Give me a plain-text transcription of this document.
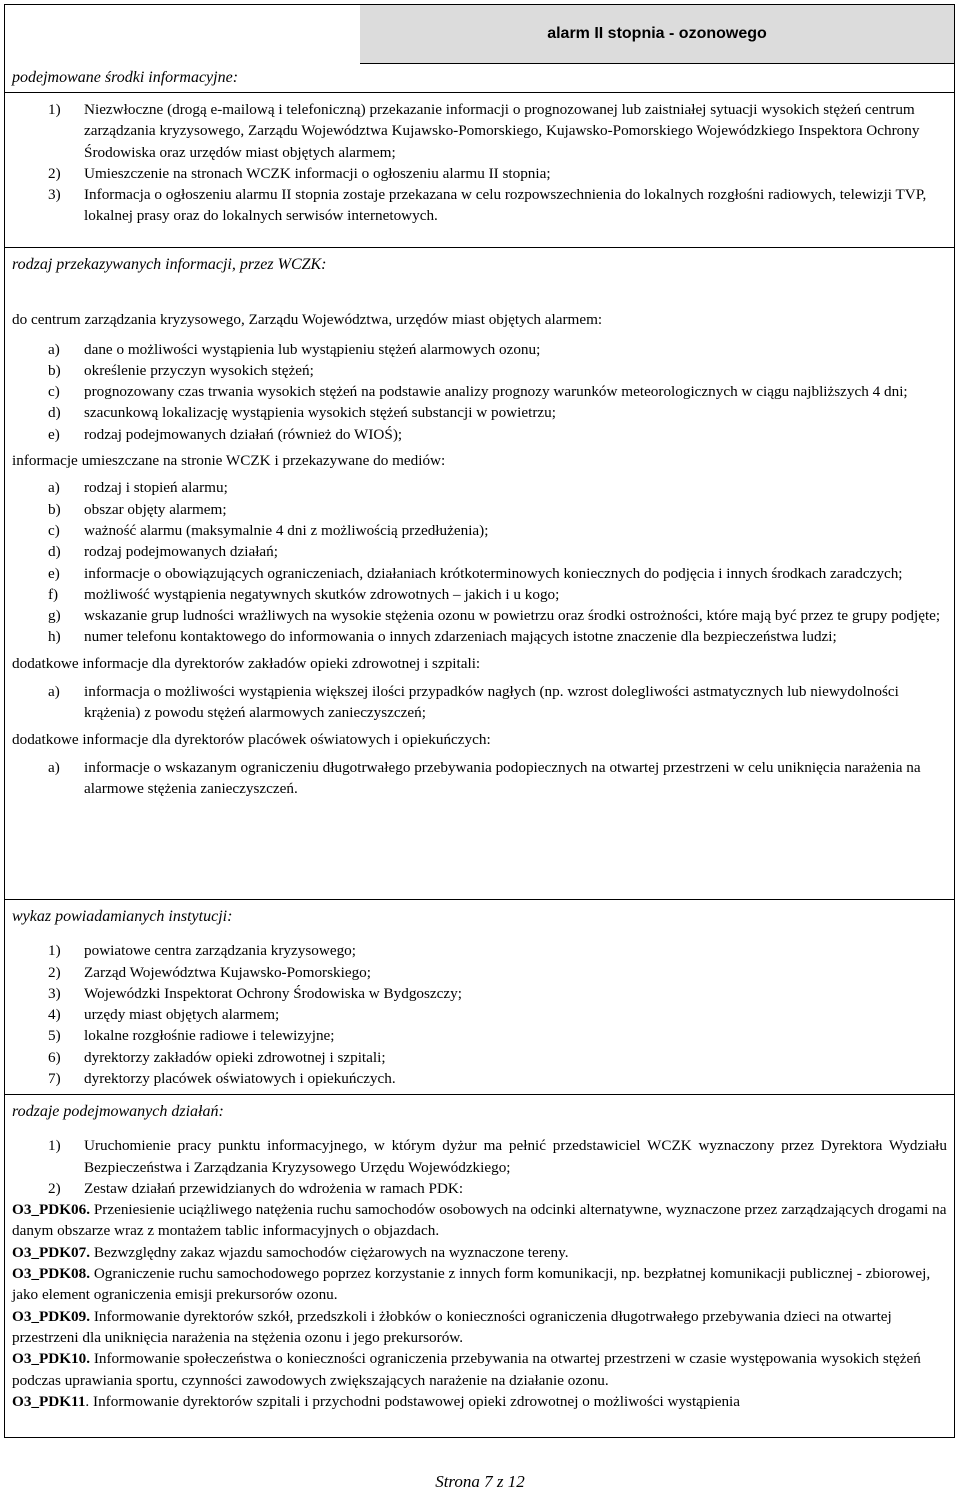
alarm II stopnia - ozonowego
podejmowane środki informacyjne:
1) Niezwłoczne (drogą e-mailową i telefoniczną) przekazanie informacji o prognozowanej lub zaistniałej sytuacji wysokich stężeń centrum zarządzania kryzysowego, Zarządu Województwa Kujawsko-Pomorskiego, Kujawsko-Pomorskiego Wojewódzkiego Inspektora Ochrony Środowiska oraz urzędów miast objętych alarmem;
2) Umieszczenie na stronach WCZK informacji o ogłoszeniu alarmu II stopnia;
3) Informacja o ogłoszeniu alarmu II stopnia zostaje przekazana w celu rozpowszechnienia do lokalnych rozgłośni radiowych, telewizji TVP, lokalnej prasy oraz do lokalnych serwisów internetowych.
rodzaj przekazywanych informacji, przez WCZK:

do centrum zarządzania kryzysowego, Zarządu Województwa, urzędów miast objętych alarmem:

a) dane o możliwości wystąpienia lub wystąpieniu stężeń alarmowych ozonu;
b) określenie przyczyn wysokich stężeń;
c) prognozowany czas trwania wysokich stężeń na podstawie analizy prognozy warunków meteorologicznych w ciągu najbliższych 4 dni;
d) szacunkową lokalizację wystąpienia wysokich stężeń substancji w powietrzu;
e) rodzaj podejmowanych działań (również do WIOŚ);

informacje umieszczane na stronie WCZK i przekazywane do mediów:

a) rodzaj i stopień alarmu;
b) obszar objęty alarmem;
c) ważność alarmu (maksymalnie 4 dni z możliwością przedłużenia);
d) rodzaj podejmowanych działań;
e) informacje o obowiązujących ograniczeniach, działaniach krótkoterminowych koniecznych do podjęcia i innych środkach zaradczych;
f) możliwość wystąpienia negatywnych skutków zdrowotnych – jakich i u kogo;
g) wskazanie grup ludności wrażliwych na wysokie stężenia ozonu w powietrzu oraz środki ostrożności, które mają być przez te grupy podjęte;
h) numer telefonu kontaktowego do informowania o innych zdarzeniach mających istotne znaczenie dla bezpieczeństwa ludzi;

dodatkowe informacje dla dyrektorów zakładów opieki zdrowotnej i szpitali:

a) informacja o możliwości wystąpienia większej ilości przypadków nagłych (np. wzrost dolegliwości astmatycznych lub niewydolności krążenia) z powodu stężeń alarmowych zanieczyszczeń;

dodatkowe informacje dla dyrektorów placówek oświatowych i opiekuńczych:

a) informacje o wskazanym ograniczeniu długotrwałego przebywania podopiecznych na otwartej przestrzeni w celu uniknięcia narażenia na alarmowe stężenia zanieczyszczeń.
wykaz powiadamianych instytucji:
1) powiatowe centra zarządzania kryzysowego;
2) Zarząd Województwa Kujawsko-Pomorskiego;
3) Wojewódzki Inspektorat Ochrony Środowiska w Bydgoszczy;
4) urzędy miast objętych alarmem;
5) lokalne rozgłośnie radiowe i telewizyjne;
6) dyrektorzy zakładów opieki zdrowotnej i szpitali;
7) dyrektorzy placówek oświatowych i opiekuńczych.
rodzaje podejmowanych działań:
1) Uruchomienie pracy punktu informacyjnego, w którym dyżur ma pełnić przedstawiciel WCZK wyznaczony przez Dyrektora Wydziału Bezpieczeństwa i Zarządzania Kryzysowego Urzędu Wojewódzkiego;
2) Zestaw działań przewidzianych do wdrożenia w ramach PDK:

O3_PDK06. Przeniesienie uciążliwego natężenia ruchu samochodów osobowych na odcinki alternatywne, wyznaczone przez zarządzających drogami na danym obszarze wraz z montażem tablic informacyjnych o objazdach.

O3_PDK07. Bezwzględny zakaz wjazdu samochodów ciężarowych na wyznaczone tereny.

O3_PDK08. Ograniczenie ruchu samochodowego poprzez korzystanie z innych form komunikacji, np. bezpłatnej komunikacji publicznej - zbiorowej, jako element ograniczenia emisji prekursorów ozonu.

O3_PDK09. Informowanie dyrektorów szkół, przedszkoli i żłobków o konieczności ograniczenia długotrwałego przebywania dzieci na otwartej przestrzeni dla uniknięcia narażenia na stężenia ozonu i jego prekursorów.

O3_PDK10. Informowanie społeczeństwa o konieczności ograniczenia przebywania na otwartej przestrzeni w czasie występowania wysokich stężeń podczas uprawiania sportu, czynności zawodowych zwiększających narażenie na działanie ozonu.

O3_PDK11. Informowanie dyrektorów szpitali i przychodni podstawowej opieki zdrowotnej o możliwości wystąpienia

Strona 7 z 12
